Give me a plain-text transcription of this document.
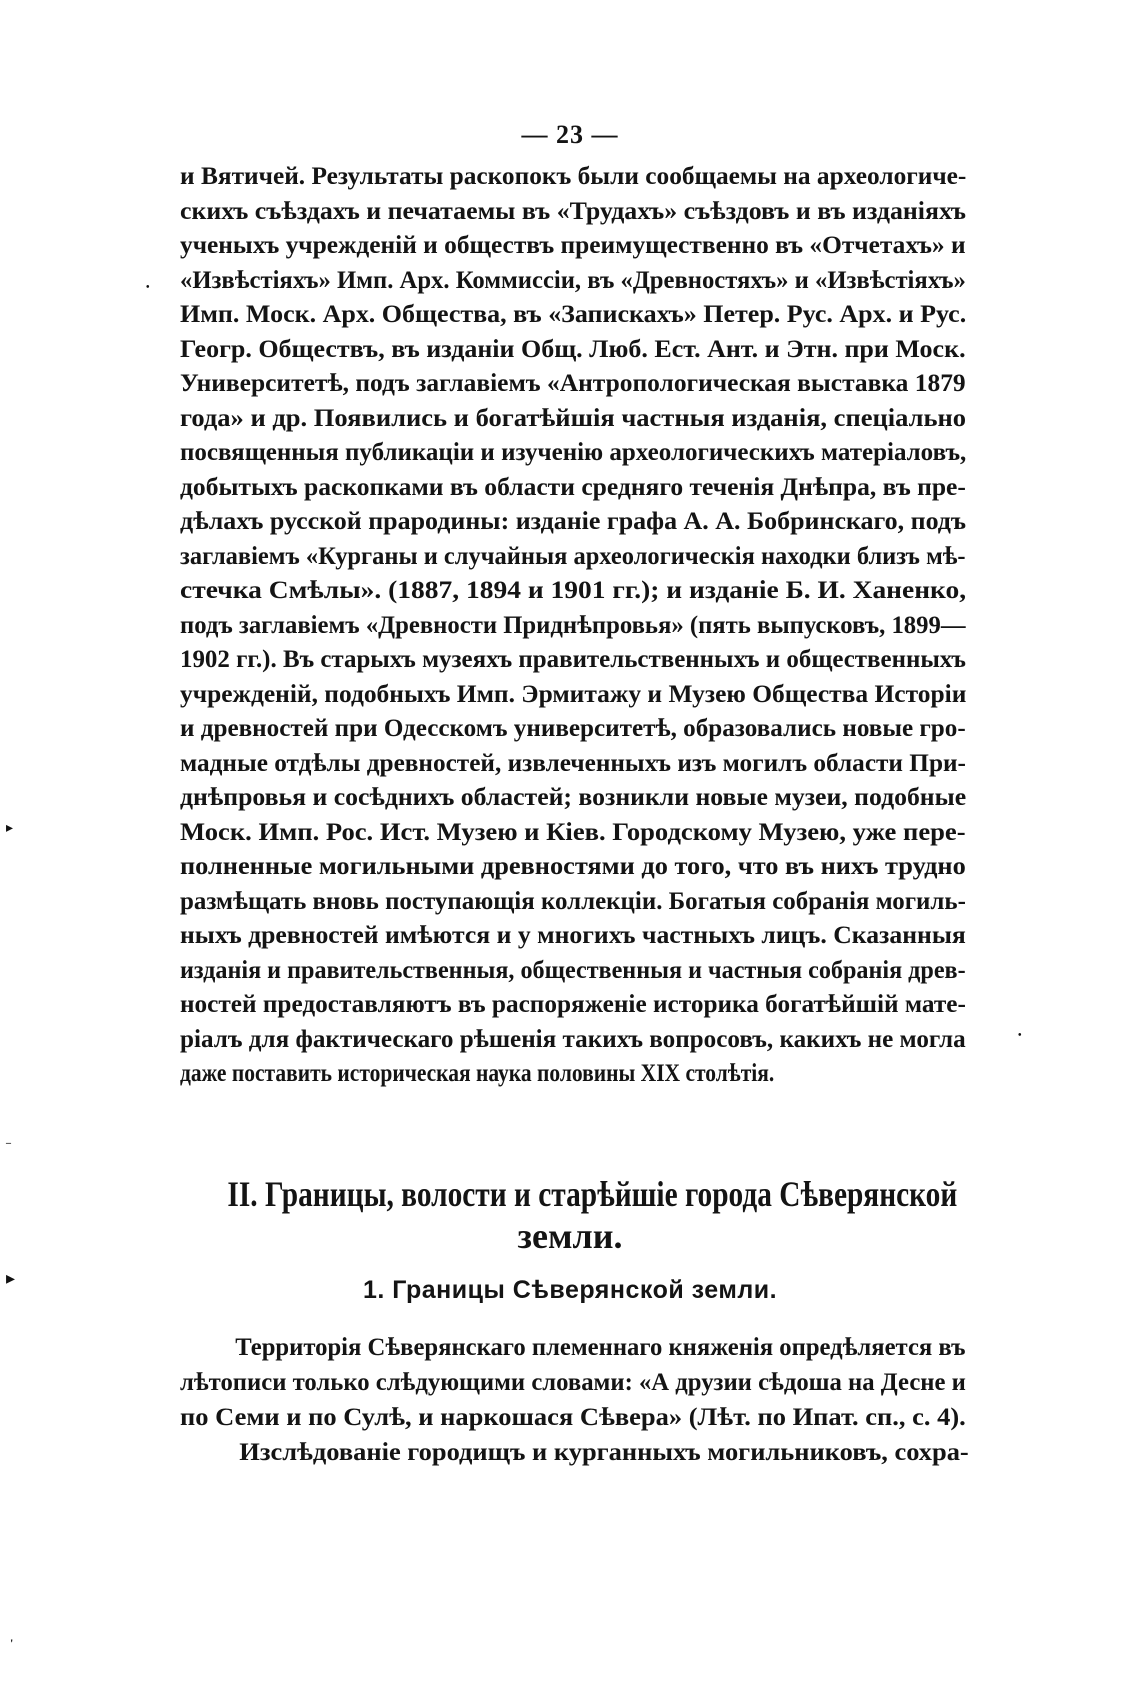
— 23 —
и Вятичей. Результаты раскопокъ были сообщаемы на археологиче-
скихъ съѣздахъ и печатаемы въ «Трудахъ» съѣздовъ и въ изданіяхъ
ученыхъ учрежденій и обществъ преимущественно въ «Отчетахъ» и
«Извѣстіяхъ» Имп. Арх. Коммиссіи, въ «Древностяхъ» и «Извѣстіяхъ»
Имп. Моск. Арх. Общества, въ «Запискахъ» Петер. Рус. Арх. и Рус.
Геогр. Обществъ, въ изданіи Общ. Люб. Ест. Ант. и Этн. при Моск.
Университетѣ, подъ заглавіемъ «Антропологическая выставка 1879
года» и др. Появились и богатѣйшія частныя изданія, спеціально
посвященныя публикаціи и изученію археологическихъ матеріаловъ,
добытыхъ раскопками въ области средняго теченія Днѣпра, въ пре-
дѣлахъ русской прародины: изданіе графа А. А. Бобринскаго, подъ
заглавіемъ «Курганы и случайныя археологическія находки близъ мѣ-
стечка Смѣлы». (1887, 1894 и 1901 гг.); и изданіе Б. И. Ханенко,
подъ заглавіемъ «Древности Приднѣпровья» (пять выпусковъ, 1899—
1902 гг.). Въ старыхъ музеяхъ правительственныхъ и общественныхъ
учрежденій, подобныхъ Имп. Эрмитажу и Музею Общества Исторіи
и древностей при Одесскомъ университетѣ, образовались новые гро-
мадные отдѣлы древностей, извлеченныхъ изъ могилъ области При-
днѣпровья и сосѣднихъ областей; возникли новые музеи, подобные
Моск. Имп. Рос. Ист. Музею и Кіев. Городскому Музею, уже пере-
полненные могильными древностями до того, что въ нихъ трудно
размѣщать вновь поступающія коллекціи. Богатыя собранія могиль-
ныхъ древностей имѣются и у многихъ частныхъ лицъ. Сказанныя
изданія и правительственныя, общественныя и частныя собранія древ-
ностей предоставляютъ въ распоряженіе историка богатѣйшій мате-
ріалъ для фактическаго рѣшенія такихъ вопросовъ, какихъ не могла
даже поставить историческая наука половины XIX столѣтія.
II. Границы, волости и старѣйшіе города Сѣверянской
земли.
1. Границы Сѣверянской земли.
Территорія Сѣверянскаго племеннаго княженія опредѣляется въ
лѣтописи только слѣдующими словами: «А друзии сѣдоша на Десне и
по Семи и по Сулѣ, и наркошася Сѣвера» (Лѣт. по Ипат. сп., с. 4).
Изслѣдованіе городищъ и курганныхъ могильниковъ, сохра-
•
▸
•
▸
–
'
